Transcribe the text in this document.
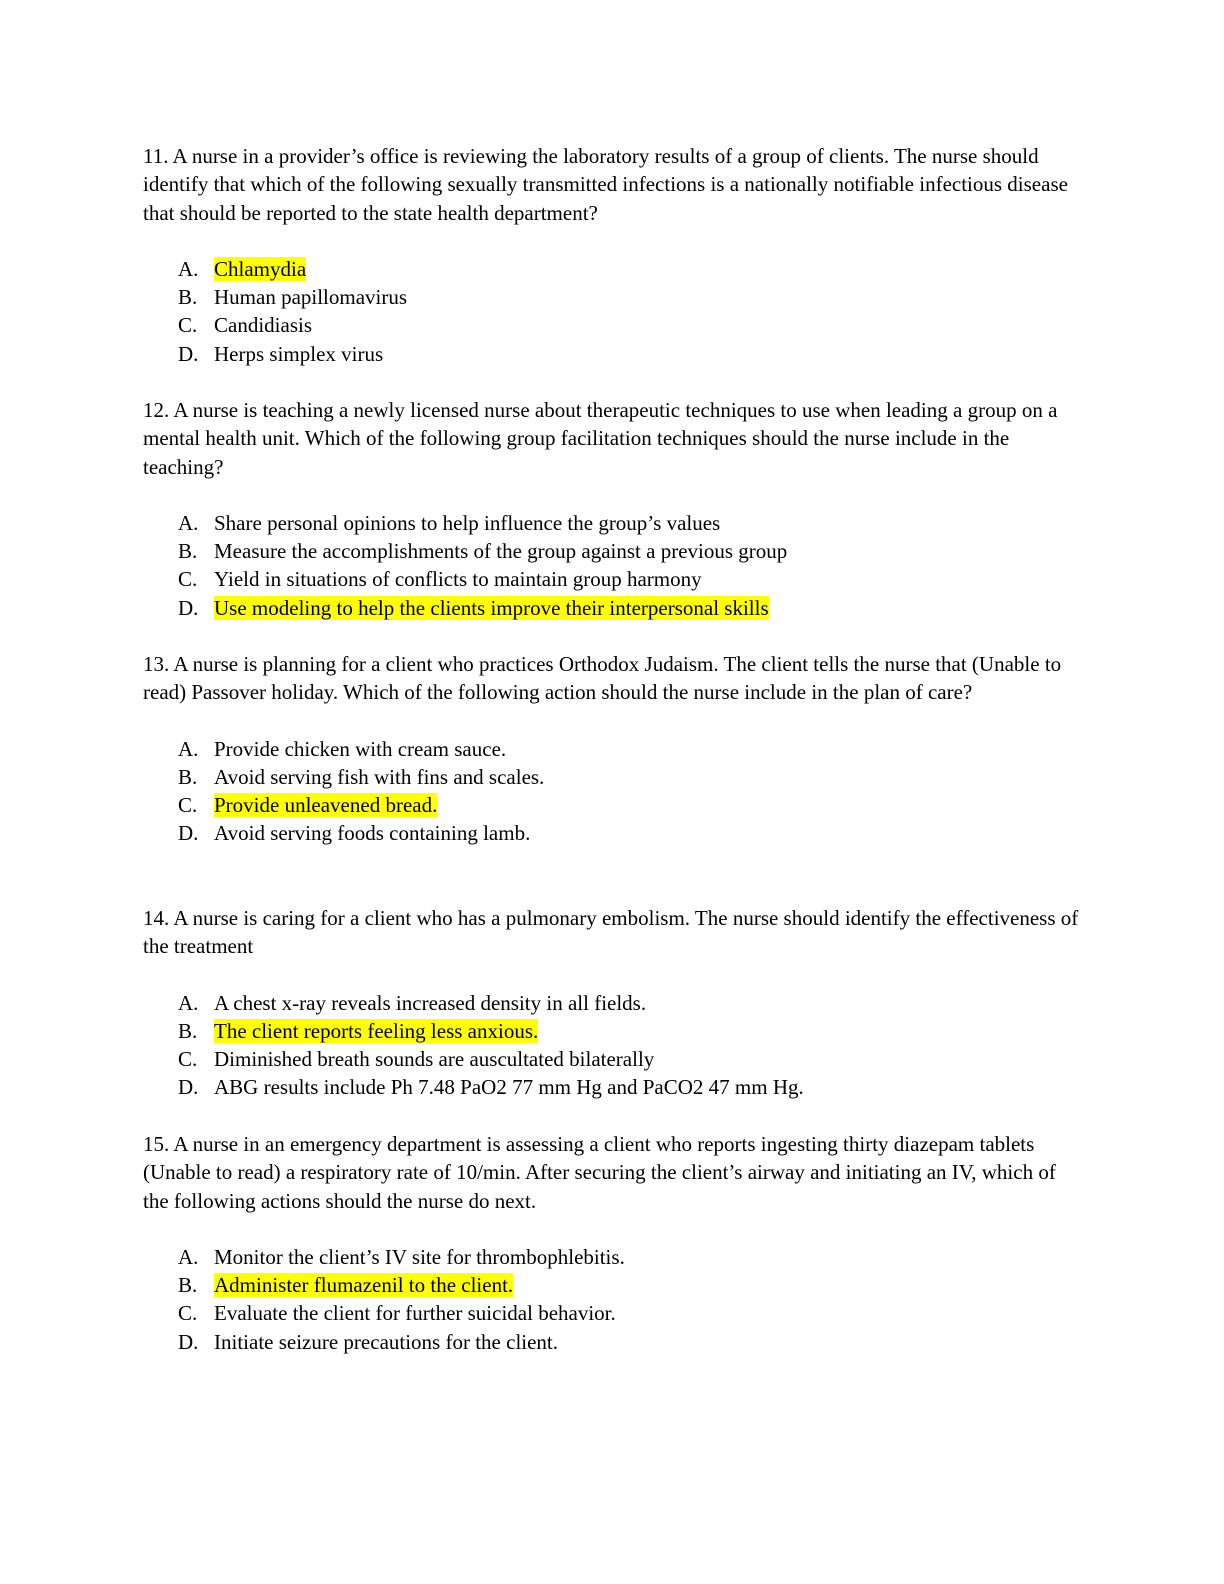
11. A nurse in a provider’s office is reviewing the laboratory results of a group of clients. The nurse should identify that which of the following sexually transmitted infections is a nationally notifiable infectious disease that should be reported to the state health department?

A. Chlamydia
B. Human papillomavirus
C. Candidiasis
D. Herps simplex virus

12. A nurse is teaching a newly licensed nurse about therapeutic techniques to use when leading a group on a mental health unit. Which of the following group facilitation techniques should the nurse include in the teaching?

A. Share personal opinions to help influence the group’s values
B. Measure the accomplishments of the group against a previous group
C. Yield in situations of conflicts to maintain group harmony
D. Use modeling to help the clients improve their interpersonal skills

13. A nurse is planning for a client who practices Orthodox Judaism. The client tells the nurse that (Unable to read) Passover holiday. Which of the following action should the nurse include in the plan of care?

A. Provide chicken with cream sauce.
B. Avoid serving fish with fins and scales.
C. Provide unleavened bread.
D. Avoid serving foods containing lamb.

14. A nurse is caring for a client who has a pulmonary embolism. The nurse should identify the effectiveness of the treatment

A. A chest x-ray reveals increased density in all fields.
B. The client reports feeling less anxious.
C. Diminished breath sounds are auscultated bilaterally
D. ABG results include Ph 7.48 PaO2 77 mm Hg and PaCO2 47 mm Hg.

15. A nurse in an emergency department is assessing a client who reports ingesting thirty diazepam tablets (Unable to read) a respiratory rate of 10/min. After securing the client’s airway and initiating an IV, which of the following actions should the nurse do next.

A. Monitor the client’s IV site for thrombophlebitis.
B. Administer flumazenil to the client.
C. Evaluate the client for further suicidal behavior.
D. Initiate seizure precautions for the client.
